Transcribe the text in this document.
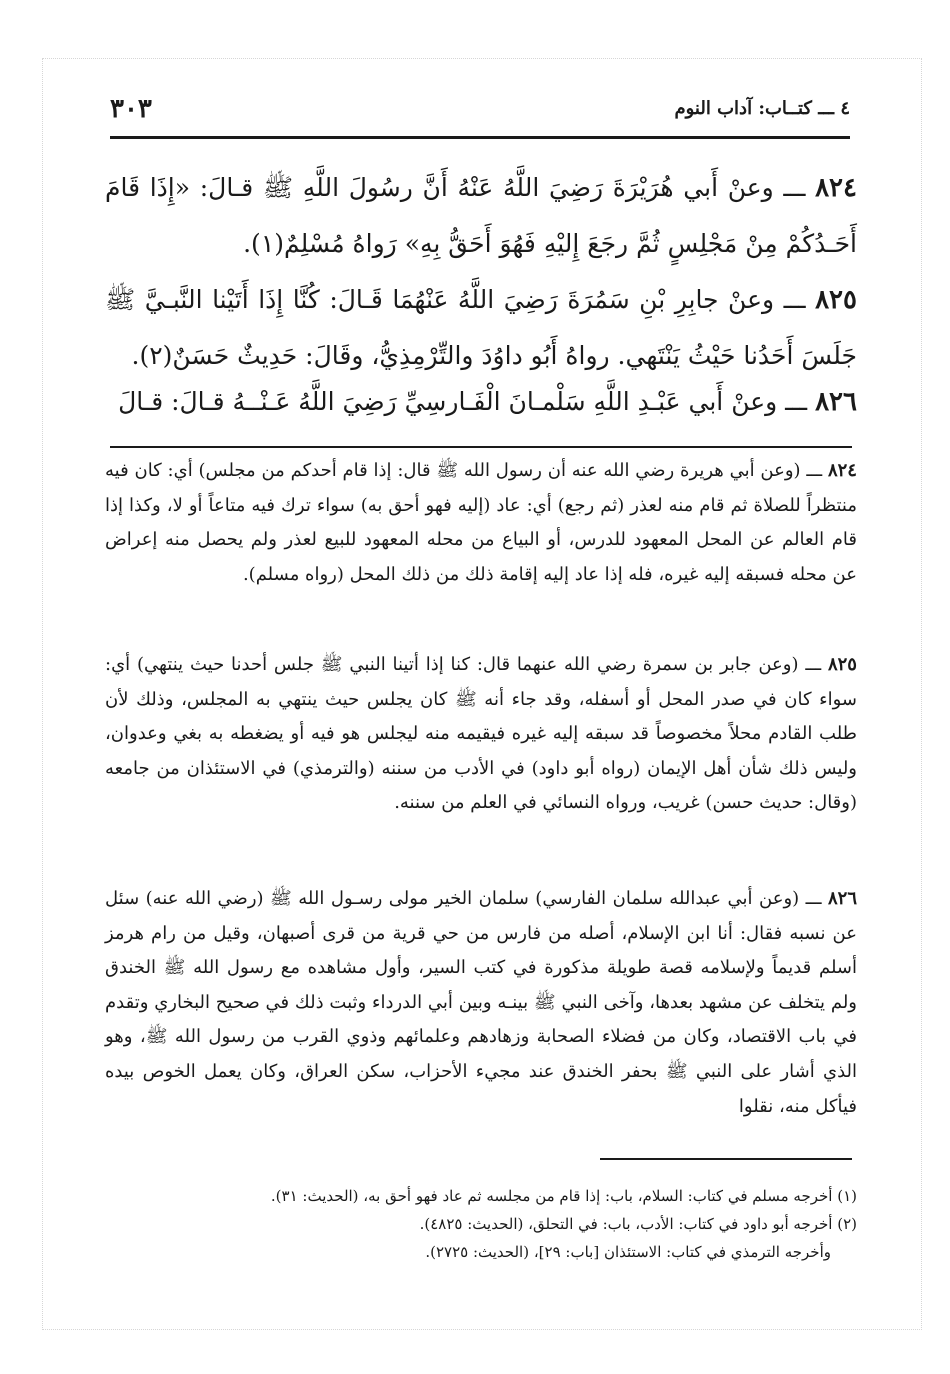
٤ ـــ كتــاب: آداب النوم
٣٠٣
٨٢٤ ـــ وعنْ أَبي هُرَيْرَةَ رَضِيَ اللَّهُ عَنْهُ أَنَّ رسُولَ اللَّهِ ﷺ قـالَ: «إِذَا قَامَ أَحَـدُكُمْ مِنْ مَجْلِسٍ ثُمَّ رجَعَ إِليْهِ فَهُوَ أَحَقُّ بِهِ» رَواهُ مُسْلِمٌ(١).
٨٢٥ ـــ وعنْ جابِرِ بْنِ سَمُرَةَ رَضِيَ اللَّهُ عَنْهُمَا قَـالَ: كُنَّا إِذَا أَتَيْنا النَّبـيَّ ﷺ جَلَسَ أَحَدُنا حَيْثُ يَنْتَهي. رواهُ أَبُو داوُدَ والتِّرْمِذِيُّ، وقَالَ: حَدِيثٌ حَسَنٌ(٢).
٨٢٦ ـــ وعنْ أَبي عَبْـدِ اللَّهِ سَلْمـانَ الْفَـارسِيِّ رَضِيَ اللَّهُ عَـنْــهُ قـالَ: قـالَ
٨٢٤ ـــ (وعن أبي هريرة رضي الله عنه أن رسول الله ﷺ قال: إذا قام أحدكم من مجلس) أي: كان فيه منتظراً للصلاة ثم قام منه لعذر (ثم رجع) أي: عاد (إليه فهو أحق به) سواء ترك فيه متاعاً أو لا، وكذا إذا قام العالم عن المحل المعهود للدرس، أو البياع من محله المعهود للبيع لعذر ولم يحصل منه إعراض عن محله فسبقه إليه غيره، فله إذا عاد إليه إقامة ذلك من ذلك المحل (رواه مسلم).
٨٢٥ ـــ (وعن جابر بن سمرة رضي الله عنهما قال: كنا إذا أتينا النبي ﷺ جلس أحدنا حيث ينتهي) أي: سواء كان في صدر المحل أو أسفله، وقد جاء أنه ﷺ كان يجلس حيث ينتهي به المجلس، وذلك لأن طلب القادم محلاً مخصوصاً قد سبقه إليه غيره فيقيمه منه ليجلس هو فيه أو يضغطه به بغي وعدوان، وليس ذلك شأن أهل الإيمان (رواه أبو داود) في الأدب من سننه (والترمذي) في الاستئذان من جامعه (وقال: حديث حسن) غريب، ورواه النسائي في العلم من سننه.
٨٢٦ ـــ (وعن أبي عبدالله سلمان الفارسي) سلمان الخير مولى رسـول الله ﷺ (رضي الله عنه) سئل عن نسبه فقال: أنا ابن الإسلام، أصله من فارس من حي قرية من قرى أصبهان، وقيل من رام هرمز أسلم قديماً ولإسلامه قصة طويلة مذكورة في كتب السير، وأول مشاهده مع رسول الله ﷺ الخندق ولم يتخلف عن مشهد بعدها، وآخى النبي ﷺ بينـه وبين أبي الدرداء وثبت ذلك في صحيح البخاري وتقدم في باب الاقتصاد، وكان من فضلاء الصحابة وزهادهم وعلمائهم وذوي القرب من رسول الله ﷺ، وهو الذي أشار على النبي ﷺ بحفر الخندق عند مجيء الأحزاب، سكن العراق، وكان يعمل الخوص بيده فيأكل منه، نقلوا
(١) أخرجه مسلم في كتاب: السلام، باب: إذا قام من مجلسه ثم عاد فهو أحق به، (الحديث: ٣١).
(٢) أخرجه أبو داود في كتاب: الأدب، باب: في التحلق، (الحديث: ٤٨٢٥).
وأخرجه الترمذي في كتاب: الاستئذان [باب: ٢٩]، (الحديث: ٢٧٢٥).
